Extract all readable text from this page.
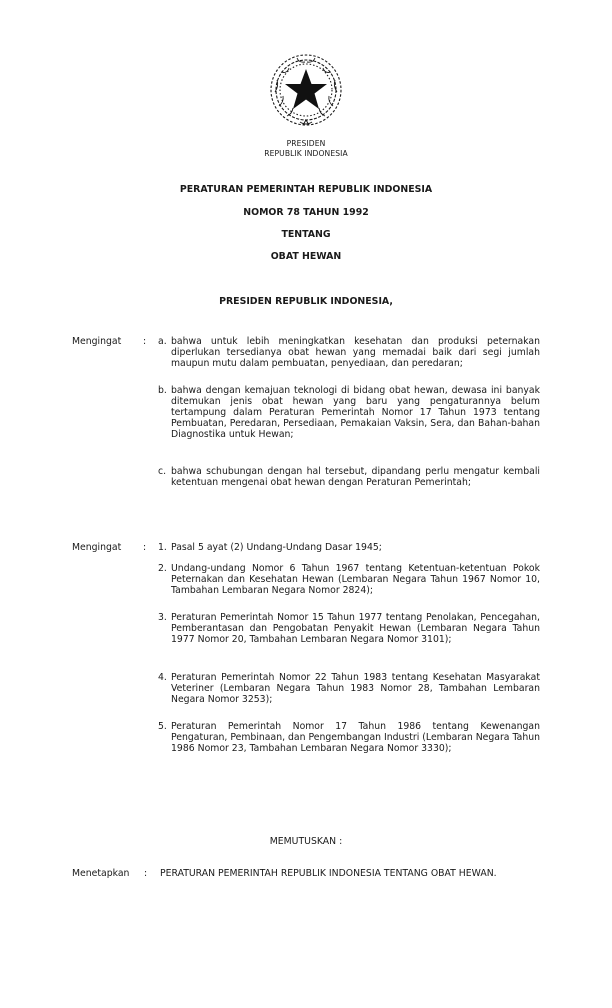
PRESIDEN
REPUBLIK INDONESIA
PERATURAN PEMERINTAH REPUBLIK INDONESIA
NOMOR 78 TAHUN 1992
TENTANG
OBAT HEWAN
PRESIDEN REPUBLIK INDONESIA,
Mengingat : a. bahwa untuk lebih meningkatkan kesehatan dan produksi peternakan diperlukan tersedianya obat hewan yang memadai baik dari segi jumlah maupun mutu dalam pembuatan, penyediaan, dan peredaran;
b. bahwa dengan kemajuan teknologi di bidang obat hewan, dewasa ini banyak ditemukan jenis obat hewan yang baru yang pengaturannya belum tertampung dalam Peraturan Pemerintah Nomor 17 Tahun 1973 tentang Pembuatan, Peredaran, Persediaan, Pemakaian Vaksin, Sera, dan Bahan-bahan Diagnostika untuk Hewan;
c. bahwa schubungan dengan hal tersebut, dipandang perlu mengatur kembali ketentuan mengenai obat hewan dengan Peraturan Pemerintah;
Mengingat : 1. Pasal 5 ayat (2) Undang-Undang Dasar 1945;
2. Undang-undang Nomor 6 Tahun 1967 tentang Ketentuan-ketentuan Pokok Peternakan dan Kesehatan Hewan (Lembaran Negara Tahun 1967 Nomor 10, Tambahan Lembaran Negara Nomor 2824);
3. Peraturan Pemerintah Nomor 15 Tahun 1977 tentang Penolakan, Pencegahan, Pemberantasan dan Pengobatan Penyakit Hewan (Lembaran Negara Tahun 1977 Nomor 20, Tambahan Lembaran Negara Nomor 3101);
4. Peraturan Pemerintah Nomor 22 Tahun 1983 tentang Kesehatan Masyarakat Veteriner (Lembaran Negara Tahun 1983 Nomor 28, Tambahan Lembaran Negara Nomor 3253);
5. Peraturan Pemerintah Nomor 17 Tahun 1986 tentang Kewenangan Pengaturan, Pembinaan, dan Pengembangan Industri (Lembaran Negara Tahun 1986 Nomor 23, Tambahan Lembaran Negara Nomor 3330);
MEMUTUSKAN :
Menetapkan : PERATURAN PEMERINTAH REPUBLIK INDONESIA TENTANG OBAT HEWAN.
